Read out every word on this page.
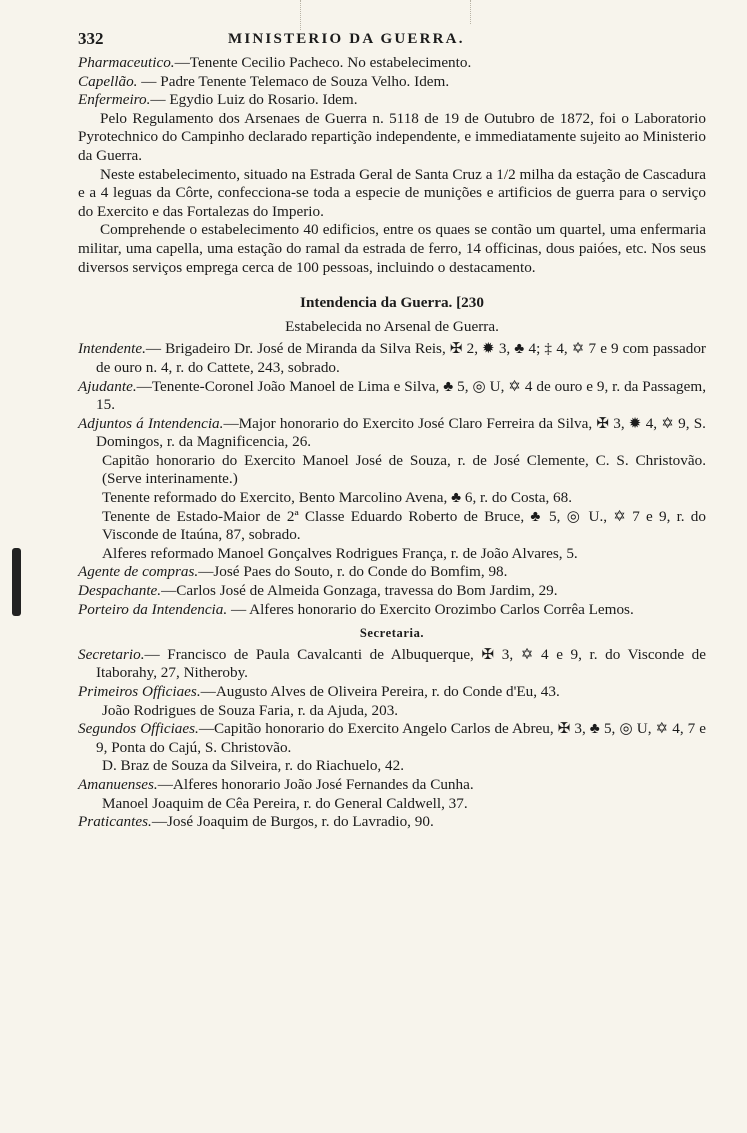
332	MINISTERIO DA GUERRA.

Pharmaceutico.—Tenente Cecilio Pacheco. No estabelecimento.

Capellão. — Padre Tenente Telemaco de Souza Velho. Idem.

Enfermeiro.— Egydio Luiz do Rosario. Idem.

Pelo Regulamento dos Arsenaes de Guerra n. 5118 de 19 de Outubro de 1872, foi o Laboratorio Pyrotechnico do Campinho declarado repartição independente, e immediatamente sujeito ao Ministerio da Guerra.

Neste estabelecimento, situado na Estrada Geral de Santa Cruz a 1/2 milha da estação de Cascadura e a 4 leguas da Côrte, confecciona-se toda a especie de munições e artificios de guerra para o serviço do Exercito e das Fortalezas do Imperio.

Comprehende o estabelecimento 40 edificios, entre os quaes se contão um quartel, uma enfermaria militar, uma capella, uma estação do ramal da estrada de ferro, 14 officinas, dous paióes, etc. Nos seus diversos serviços emprega cerca de 100 pessoas, incluindo o destacamento.

Intendencia da Guerra. [230

Estabelecida no Arsenal de Guerra.

Intendente.— Brigadeiro Dr. José de Miranda da Silva Reis, ✠ 2, ✹ 3, ♣ 4; ‡ 4, ✡ 7 e 9 com passador de ouro n. 4, r. do Cattete, 243, sobrado.

Ajudante.—Tenente-Coronel João Manoel de Lima e Silva, ♣ 5, ◎ U, ✡ 4 de ouro e 9, r. da Passagem, 15.

Adjuntos á Intendencia.—Major honorario do Exercito José Claro Ferreira da Silva, ✠ 3, ✹ 4, ✡ 9, S. Domingos, r. da Magnificencia, 26.

Capitão honorario do Exercito Manoel José de Souza, r. de José Clemente, C. S. Christovão. (Serve interinamente.)

Tenente reformado do Exercito, Bento Marcolino Avena, ♣ 6, r. do Costa, 68.

Tenente de Estado-Maior de 2ª Classe Eduardo Roberto de Bruce, ♣ 5, ◎ U., ✡ 7 e 9, r. do Visconde de Itaúna, 87, sobrado.

Alferes reformado Manoel Gonçalves Rodrigues França, r. de João Alvares, 5.

Agente de compras.—José Paes do Souto, r. do Conde do Bomfim, 98.

Despachante.—Carlos José de Almeida Gonzaga, travessa do Bom Jardim, 29.

Porteiro da Intendencia. — Alferes honorario do Exercito Orozimbo Carlos Corrêa Lemos.

Secretaria.

Secretario.— Francisco de Paula Cavalcanti de Albuquerque, ✠ 3, ✡ 4 e 9, r. do Visconde de Itaborahy, 27, Nitheroby.

Primeiros Officiaes.—Augusto Alves de Oliveira Pereira, r. do Conde d'Eu, 43.

João Rodrigues de Souza Faria, r. da Ajuda, 203.

Segundos Officiaes.—Capitão honorario do Exercito Angelo Carlos de Abreu, ✠ 3, ♣ 5, ◎ U, ✡ 4, 7 e 9, Ponta do Cajú, S. Christovão.

D. Braz de Souza da Silveira, r. do Riachuelo, 42.

Amanuenses.—Alferes honorario João José Fernandes da Cunha.

Manoel Joaquim de Cêa Pereira, r. do General Caldwell, 37.

Praticantes.—José Joaquim de Burgos, r. do Lavradio, 90.
